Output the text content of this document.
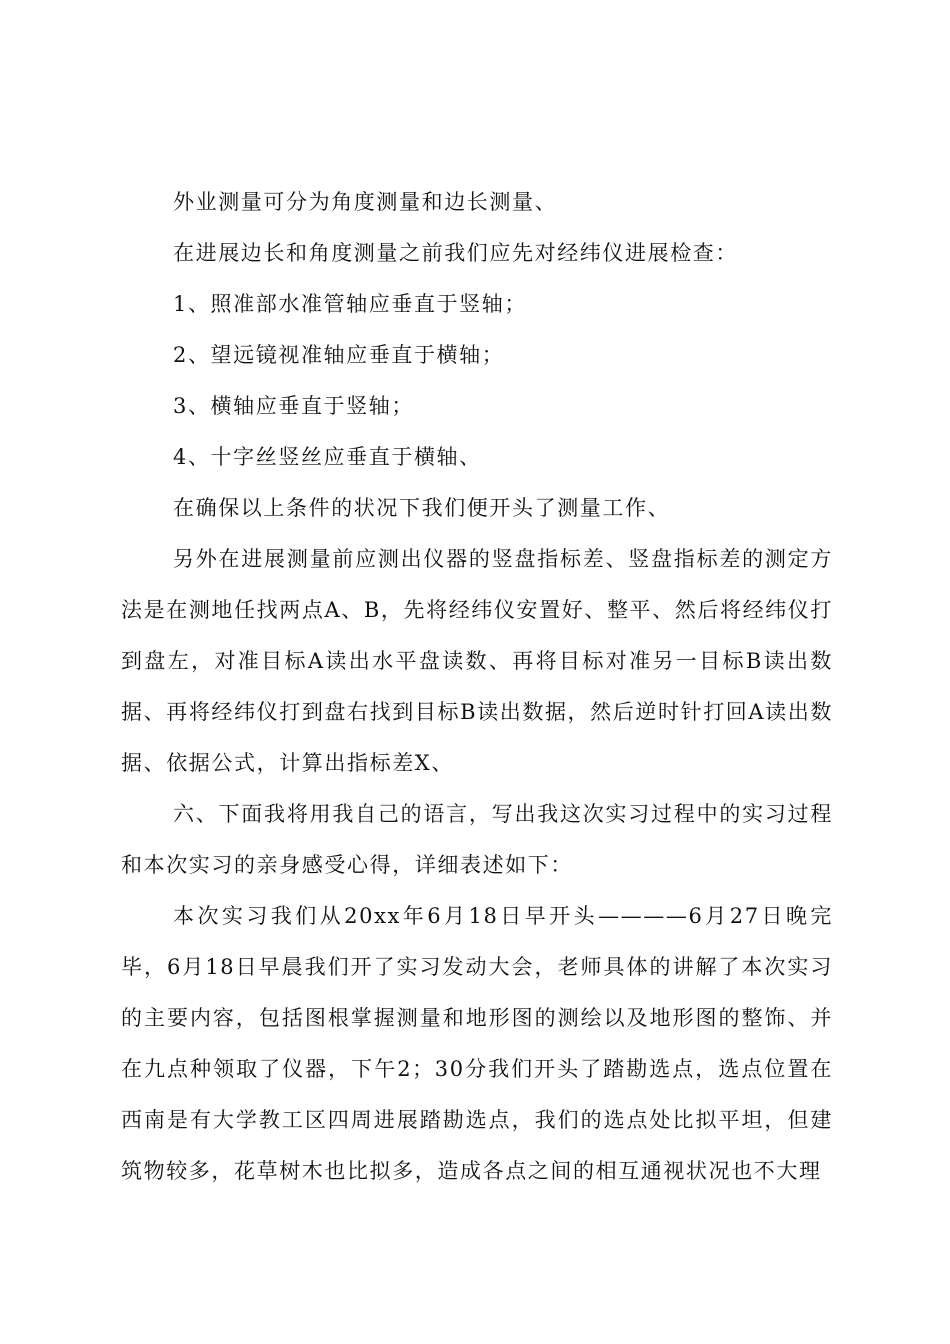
外业测量可分为角度测量和边长测量、

在进展边长和角度测量之前我们应先对经纬仪进展检查：

1、照准部水准管轴应垂直于竖轴；

2、望远镜视准轴应垂直于横轴；

3、横轴应垂直于竖轴；

4、十字丝竖丝应垂直于横轴、

在确保以上条件的状况下我们便开头了测量工作、

另外在进展测量前应测出仪器的竖盘指标差、竖盘指标差的测定方法是在测地任找两点A、B，先将经纬仪安置好、整平、然后将经纬仪打到盘左，对准目标A读出水平盘读数、再将目标对准另一目标B读出数据、再将经纬仪打到盘右找到目标B读出数据，然后逆时针打回A读出数据、依据公式，计算出指标差X、

六、下面我将用我自己的语言，写出我这次实习过程中的实习过程和本次实习的亲身感受心得，详细表述如下：

本次实习我们从20xx年6月18日早开头————6月27日晚完毕，6月18日早晨我们开了实习发动大会，老师具体的讲解了本次实习的主要内容，包括图根掌握测量和地形图的测绘以及地形图的整饰、并在九点种领取了仪器，下午2；30分我们开头了踏勘选点，选点位置在西南是有大学教工区四周进展踏勘选点，我们的选点处比拟平坦，但建筑物较多，花草树木也比拟多，造成各点之间的相互通视状况也不大理
